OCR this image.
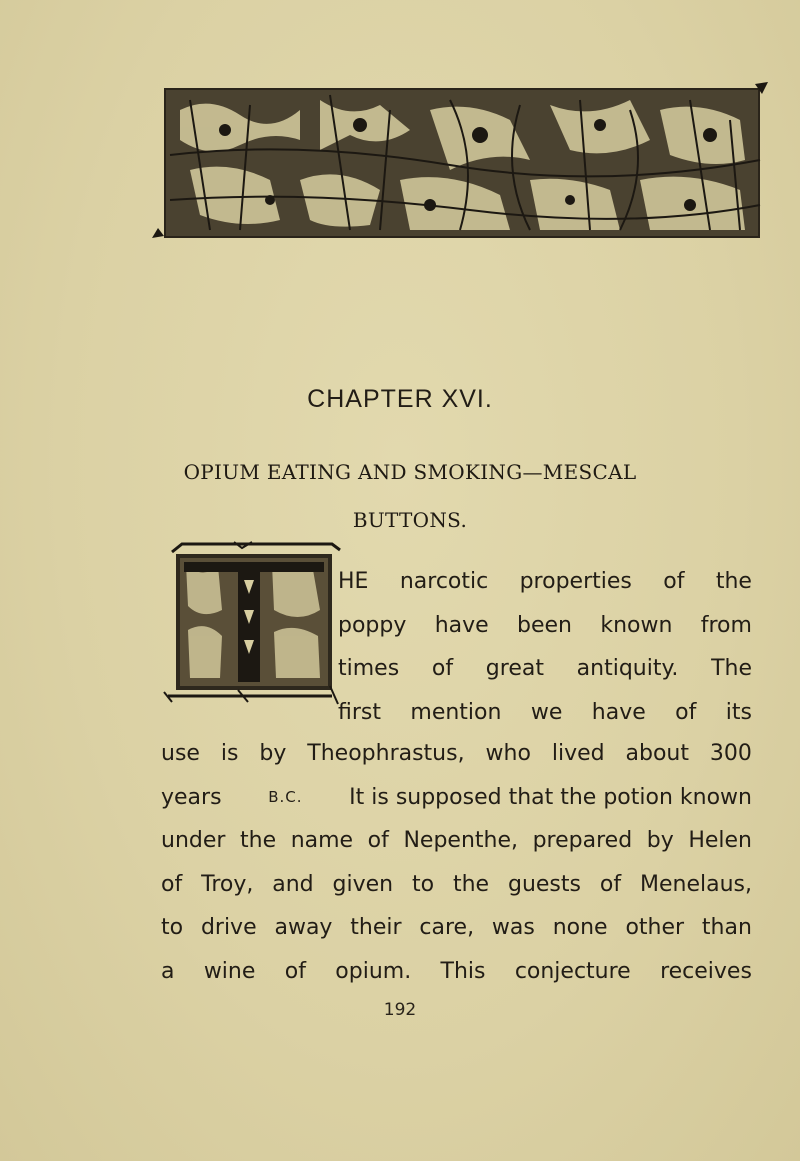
CHAPTER XVI.
OPIUM EATING AND SMOKING—MESCAL
BUTTONS.
HE narcotic properties of the
poppy have been known from
times of great antiquity. The
first mention we have of its
use is by Theophrastus, who lived about 300
years	B.C. It is supposed that the potion known
under the name of Nepenthe, prepared by Helen
of Troy, and given to the guests of Menelaus,
to drive away their care, was none other than
a wine of opium. This conjecture receives
192
